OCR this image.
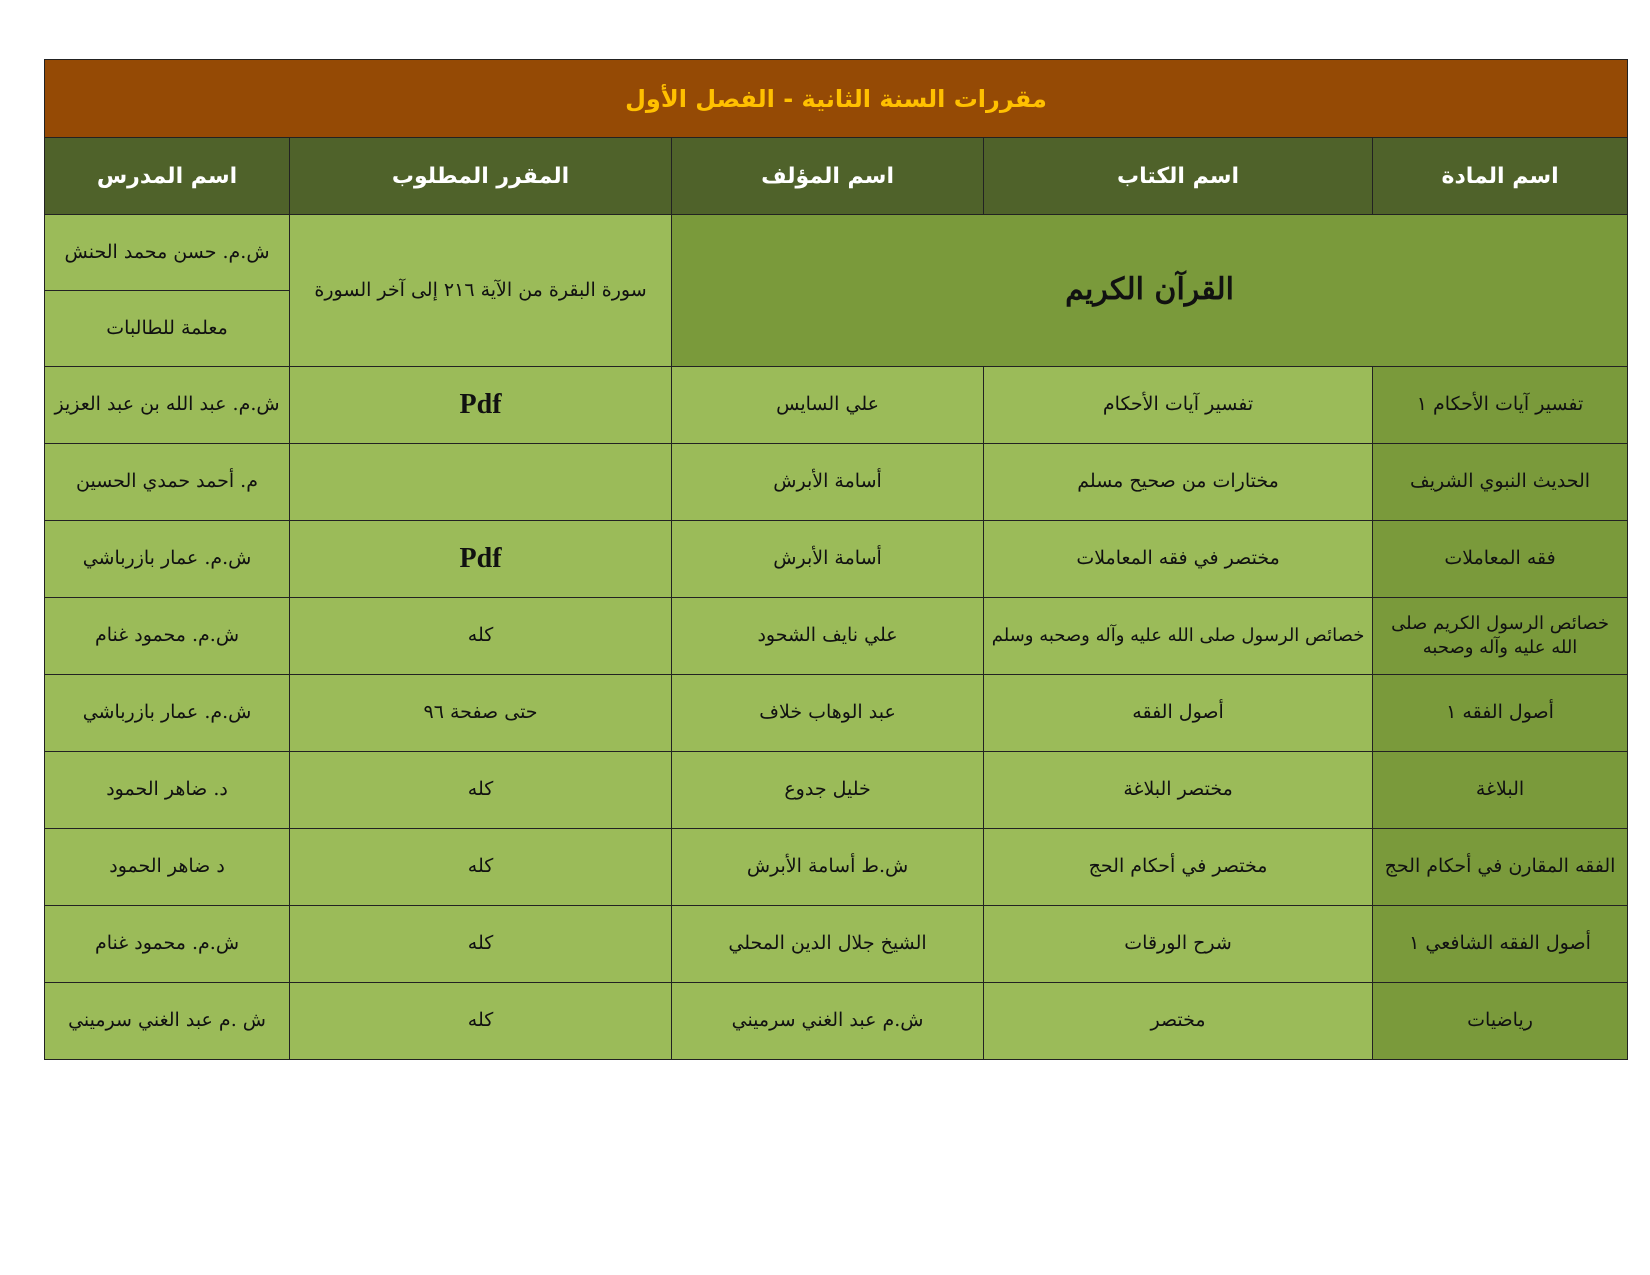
مقررات السنة الثانية - الفصل الأول				
اسم المادة	اسم الكتاب	اسم المؤلف	المقرر المطلوب	اسم المدرس
القرآن الكريم			سورة البقرة من الآية ٢١٦ إلى آخر السورة	ش.م. حسن محمد الحنش
				معلمة للطالبات
تفسير آيات الأحكام ١	تفسير آيات الأحكام	علي السايس	Pdf	ش.م. عبد الله بن عبد العزيز
الحديث النبوي الشريف	مختارات من صحيح مسلم	أسامة الأبرش		م. أحمد حمدي الحسين
فقه المعاملات	مختصر في فقه المعاملات	أسامة الأبرش	Pdf	ش.م. عمار بازرباشي
خصائص الرسول الكريم صلى الله عليه وآله وصحبه	خصائص الرسول صلى الله عليه وآله وصحبه وسلم	علي نايف الشحود	كله	ش.م. محمود غنام
أصول الفقه ١	أصول الفقه	عبد الوهاب خلاف	حتى صفحة ٩٦	ش.م. عمار بازرباشي
البلاغة	مختصر البلاغة	خليل جدوع	كله	د. ضاهر الحمود
الفقه المقارن في أحكام الحج	مختصر في أحكام الحج	ش.ط أسامة الأبرش	كله	د ضاهر الحمود
أصول الفقه الشافعي ١	شرح الورقات	الشيخ جلال الدين المحلي	كله	ش.م. محمود غنام
رياضيات	مختصر	ش.م عبد الغني سرميني	كله	ش .م عبد الغني سرميني
